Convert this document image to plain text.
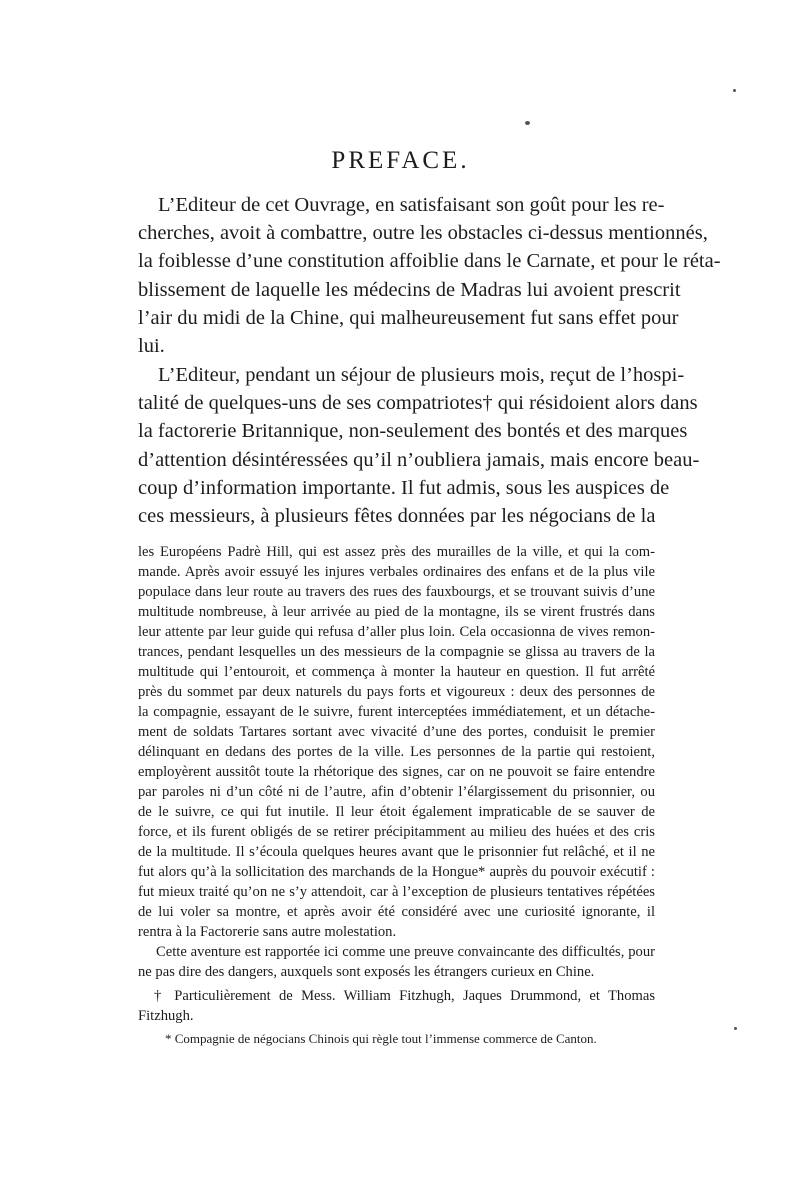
PREFACE.
L’Editeur de cet Ouvrage, en satisfaisant son goût pour les re-
cherches, avoit à combattre, outre les obstacles ci-dessus mentionnés,
la foiblesse d’une constitution affoiblie dans le Carnate, et pour le réta-
blissement de laquelle les médecins de Madras lui avoient prescrit
l’air du midi de la Chine, qui malheureusement fut sans effet pour
lui.
L’Editeur, pendant un séjour de plusieurs mois, reçut de l’hospi-
talité de quelques-uns de ses compatriotes† qui résidoient alors dans
la factorerie Britannique, non-seulement des bontés et des marques
d’attention désintéressées qu’il n’oubliera jamais, mais encore beau-
coup d’information importante. Il fut admis, sous les auspices de
ces messieurs, à plusieurs fêtes données par les négocians de la
les Européens Padrè Hill, qui est assez près des murailles de la ville, et qui la com-
mande. Après avoir essuyé les injures verbales ordinaires des enfans et de la plus vile
populace dans leur route au travers des rues des fauxbourgs, et se trouvant suivis d’une
multitude nombreuse, à leur arrivée au pied de la montagne, ils se virent frustrés dans
leur attente par leur guide qui refusa d’aller plus loin. Cela occasionna de vives remon-
trances, pendant lesquelles un des messieurs de la compagnie se glissa au travers de la
multitude qui l’entouroit, et commença à monter la hauteur en question. Il fut arrêté
près du sommet par deux naturels du pays forts et vigoureux : deux des personnes de
la compagnie, essayant de le suivre, furent interceptées immédiatement, et un détache-
ment de soldats Tartares sortant avec vivacité d’une des portes, conduisit le premier
délinquant en dedans des portes de la ville. Les personnes de la partie qui restoient,
employèrent aussitôt toute la rhétorique des signes, car on ne pouvoit se faire entendre
par paroles ni d’un côté ni de l’autre, afin d’obtenir l’élargissement du prisonnier, ou
de le suivre, ce qui fut inutile. Il leur étoit également impraticable de se sauver de
force, et ils furent obligés de se retirer précipitamment au milieu des huées et des cris
de la multitude. Il s’écoula quelques heures avant que le prisonnier fut relâché, et il ne
fut alors qu’à la sollicitation des marchands de la Hongue* auprès du pouvoir exécutif :
fut mieux traité qu’on ne s’y attendoit, car à l’exception de plusieurs tentatives répétées
de lui voler sa montre, et après avoir été considéré avec une curiosité ignorante, il
rentra à la Factorerie sans autre molestation.
Cette aventure est rapportée ici comme une preuve convaincante des difficultés, pour
ne pas dire des dangers, auxquels sont exposés les étrangers curieux en Chine.
† Particulièrement de Mess. William Fitzhugh, Jaques Drummond, et Thomas
Fitzhugh.
* Compagnie de négocians Chinois qui règle tout l’immense commerce de Canton.
